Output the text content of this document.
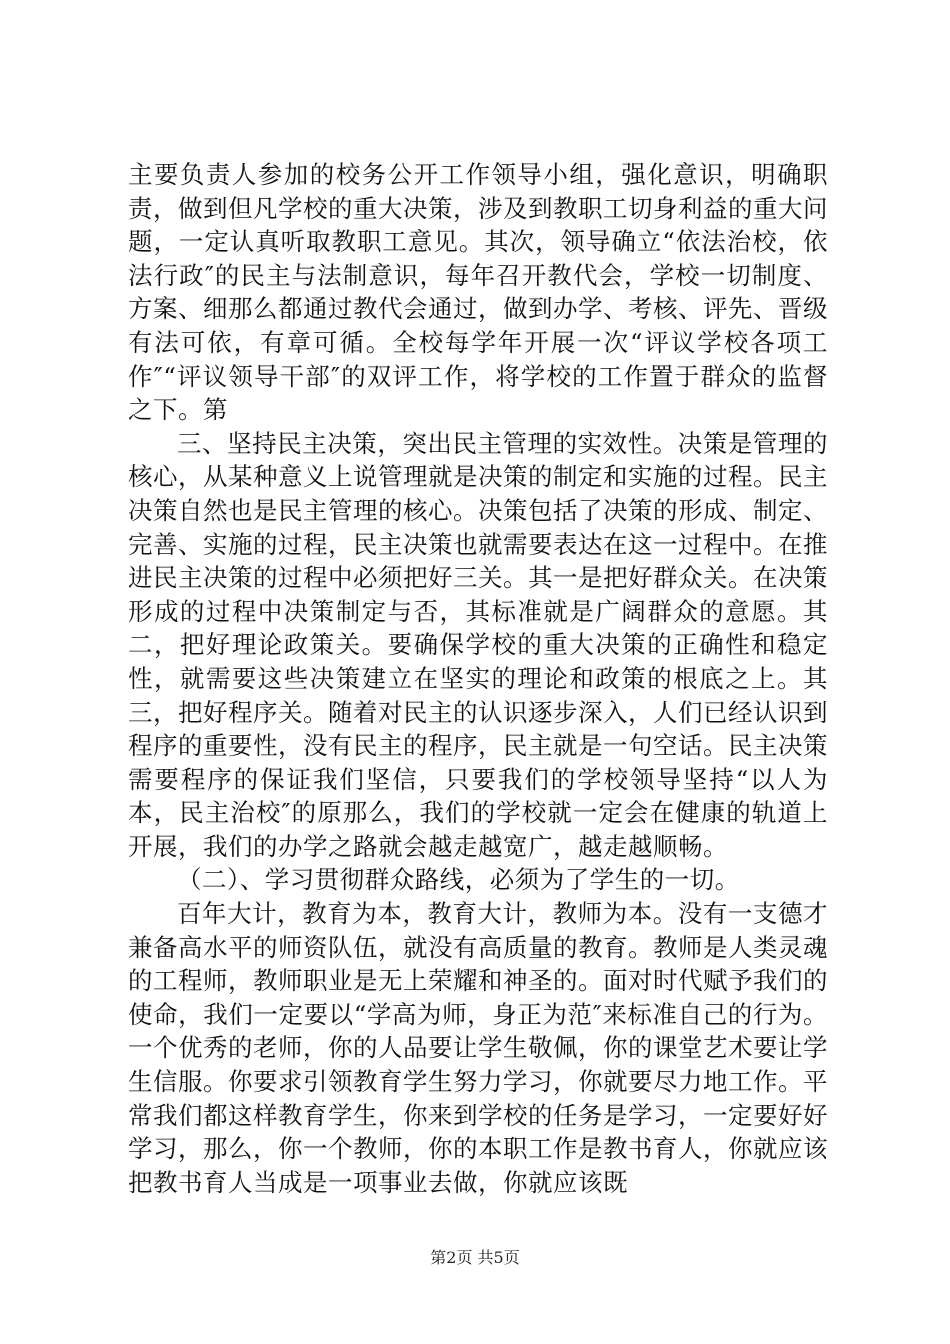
主要负责人参加的校务公开工作领导小组，强化意识，明确职责，做到但凡学校的重大决策，涉及到教职工切身利益的重大问题，一定认真听取教职工意见。其次，领导确立“依法治校，依法行政″的民主与法制意识，每年召开教代会，学校一切制度、方案、细那么都通过教代会通过，做到办学、考核、评先、晋级有法可依，有章可循。全校每学年开展一次“评议学校各项工作″“评议领导干部″的双评工作，将学校的工作置于群众的监督之下。第

三、坚持民主决策，突出民主管理的实效性。决策是管理的核心，从某种意义上说管理就是决策的制定和实施的过程。民主决策自然也是民主管理的核心。决策包括了决策的形成、制定、完善、实施的过程，民主决策也就需要表达在这一过程中。在推进民主决策的过程中必须把好三关。其一是把好群众关。在决策形成的过程中决策制定与否，其标准就是广阔群众的意愿。其二，把好理论政策关。要确保学校的重大决策的正确性和稳定性，就需要这些决策建立在坚实的理论和政策的根底之上。其三，把好程序关。随着对民主的认识逐步深入，人们已经认识到程序的重要性，没有民主的程序，民主就是一句空话。民主决策需要程序的保证我们坚信，只要我们的学校领导坚持“以人为本，民主治校″的原那么，我们的学校就一定会在健康的轨道上开展，我们的办学之路就会越走越宽广，越走越顺畅。

（二）、学习贯彻群众路线，必须为了学生的一切。

百年大计，教育为本，教育大计，教师为本。没有一支德才兼备高水平的师资队伍，就没有高质量的教育。教师是人类灵魂的工程师，教师职业是无上荣耀和神圣的。面对时代赋予我们的使命，我们一定要以“学高为师，身正为范″来标准自己的行为。一个优秀的老师，你的人品要让学生敬佩，你的课堂艺术要让学生信服。你要求引领教育学生努力学习，你就要尽力地工作。平常我们都这样教育学生，你来到学校的任务是学习，一定要好好学习，那么，你一个教师，你的本职工作是教书育人，你就应该把教书育人当成是一项事业去做，你就应该既

第2页 共5页
